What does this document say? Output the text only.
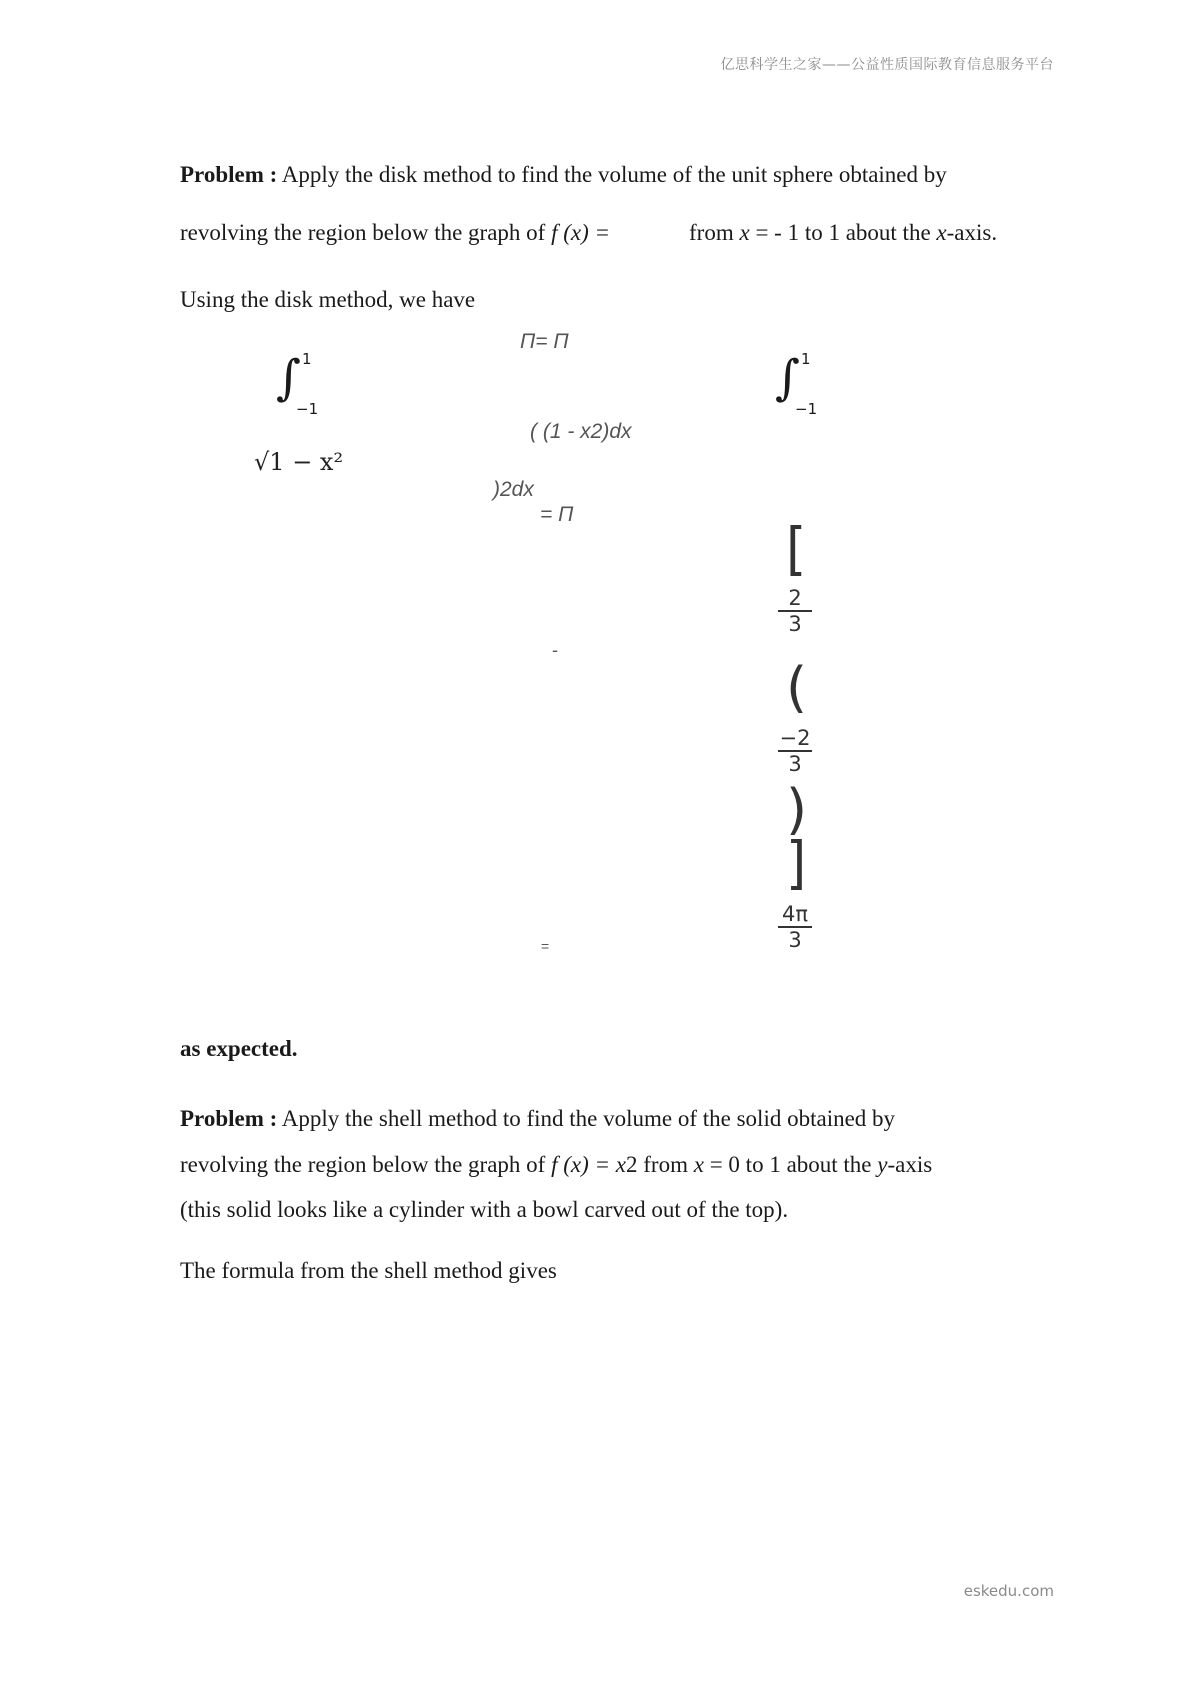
亿思科学生之家——公益性质国际教育信息服务平台
eskedu.com
Problem : Apply the disk method to find the volume of the unit sphere obtained by
revolving the region below the graph of f (x) =	from x = - 1 to 1 about the x-axis.
Using the disk method, we have
Π= Π
∫ 1
−1
∫ 1
−1
√1 − x²
( (1 - x2)dx
)2dx
= Π
[
$\frac{2}{3}$
(
$\frac{-2}{3}$
)
]
$\frac{4\pi}{3}$
-
=
as expected.
Problem : Apply the shell method to find the volume of the solid obtained by
revolving the region below the graph of f (x) = x2 from x = 0 to 1 about the y-axis
(this solid looks like a cylinder with a bowl carved out of the top).
The formula from the shell method gives
